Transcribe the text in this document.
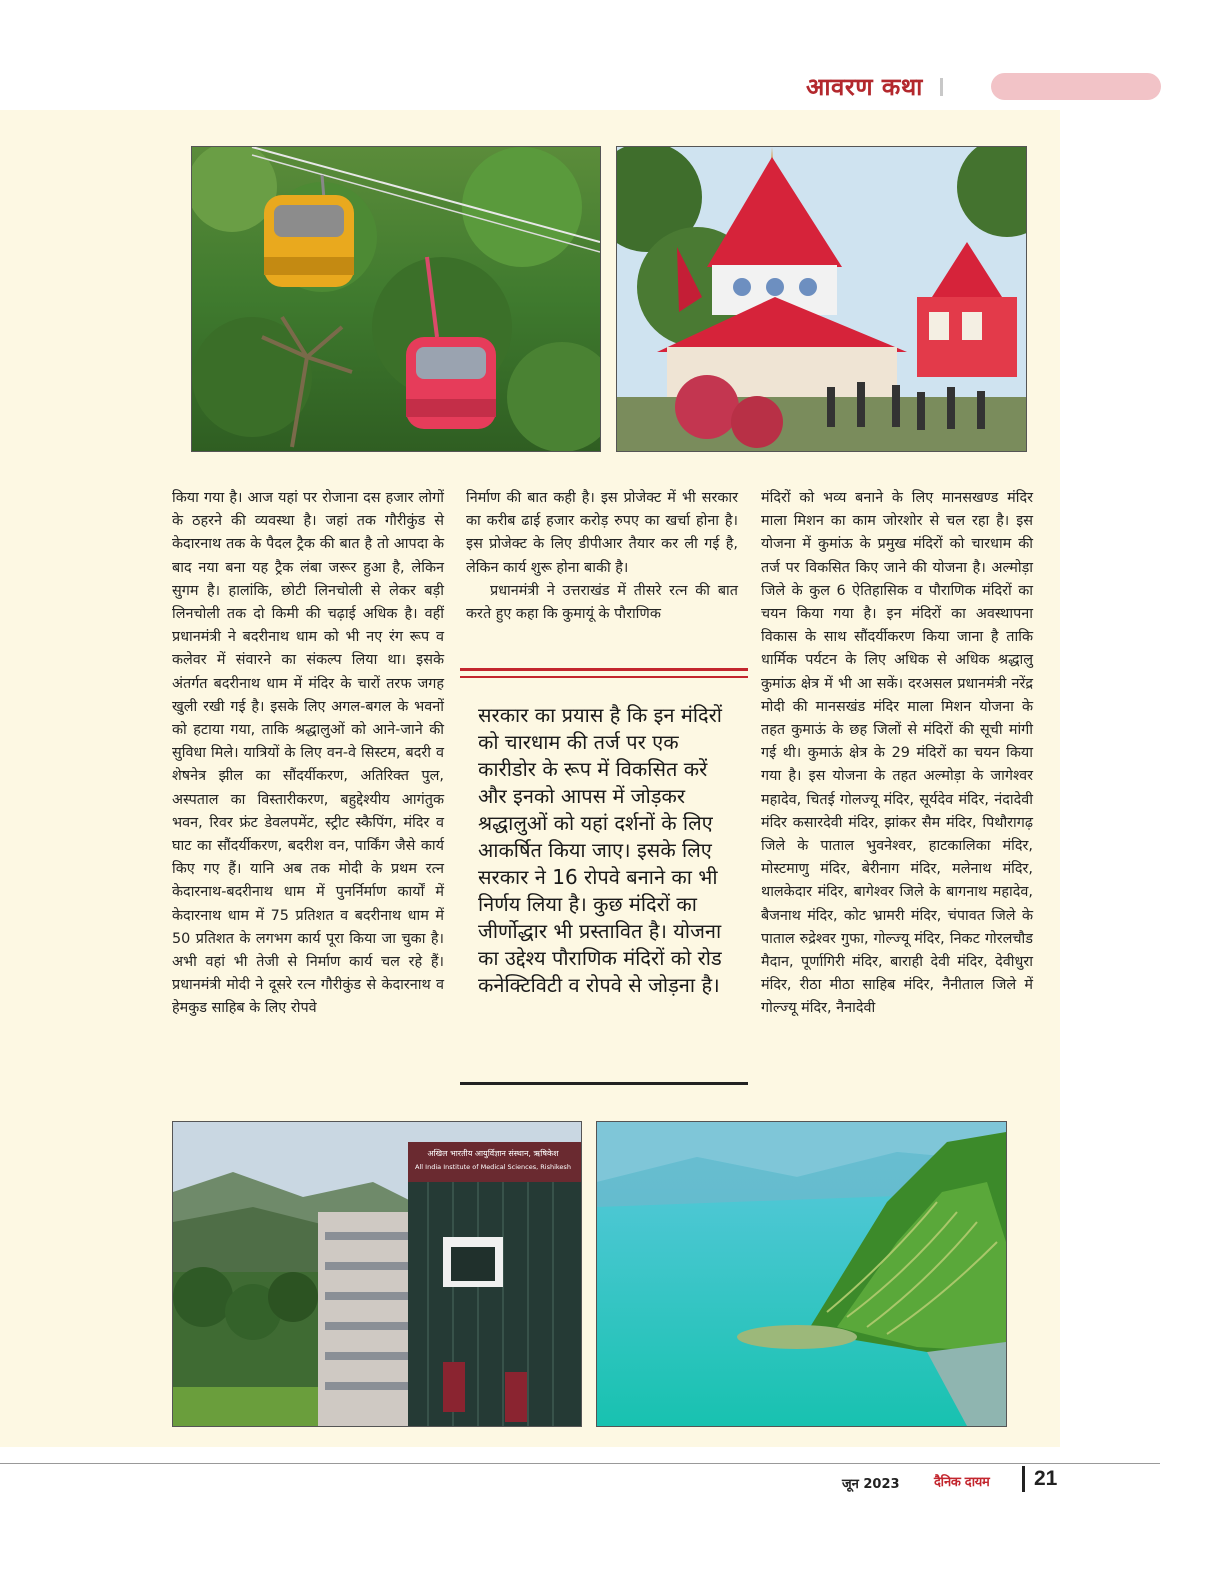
आवरण कथा

किया गया है। आज यहां पर रोजाना दस हजार लोगों के ठहरने की व्यवस्था है। जहां तक गौरीकुंड से केदारनाथ तक के पैदल ट्रैक की बात है तो आपदा के बाद नया बना यह ट्रैक लंबा जरूर हुआ है, लेकिन सुगम है। हालांकि, छोटी लिनचोली से लेकर बड़ी लिनचोली तक दो किमी की चढ़ाई अधिक है। वहीं प्रधानमंत्री ने बदरीनाथ धाम को भी नए रंग रूप व कलेवर में संवारने का संकल्प लिया था। इसके अंतर्गत बदरीनाथ धाम में मंदिर के चारों तरफ जगह खुली रखी गई है। इसके लिए अगल-बगल के भवनों को हटाया गया, ताकि श्रद्धालुओं को आने-जाने की सुविधा मिले। यात्रियों के लिए वन-वे सिस्टम, बदरी व शेषनेत्र झील का सौंदर्यीकरण, अतिरिक्त पुल, अस्पताल का विस्तारीकरण, बहुद्देश्यीय आगंतुक भवन, रिवर फ्रंट डेवलपमेंट, स्ट्रीट स्कैपिंग, मंदिर व घाट का सौंदर्यीकरण, बदरीश वन, पार्किंग जैसे कार्य किए गए हैं। यानि अब तक मोदी के प्रथम रत्न केदारनाथ-बदरीनाथ धाम में पुनर्निर्माण कार्यों में केदारनाथ धाम में 75 प्रतिशत व बदरीनाथ धाम में 50 प्रतिशत के लगभग कार्य पूरा किया जा चुका है। अभी वहां भी तेजी से निर्माण कार्य चल रहे हैं। प्रधानमंत्री मोदी ने दूसरे रत्न गौरीकुंड से केदारनाथ व हेमकुड साहिब के लिए रोपवे

निर्माण की बात कही है। इस प्रोजेक्ट में भी सरकार का करीब ढाई हजार करोड़ रुपए का खर्चा होना है। इस प्रोजेक्ट के लिए डीपीआर तैयार कर ली गई है, लेकिन कार्य शुरू होना बाकी है।

प्रधानमंत्री ने उत्तराखंड में तीसरे रत्न की बात करते हुए कहा कि कुमायूं के पौराणिक

सरकार का प्रयास है कि इन मंदिरों को चारधाम की तर्ज पर एक कारीडोर के रूप में विकसित करें और इनको आपस में जोड़कर श्रद्धालुओं को यहां दर्शनों के लिए आकर्षित किया जाए। इसके लिए सरकार ने 16 रोपवे बनाने का भी निर्णय लिया है। कुछ मंदिरों का जीर्णोद्धार भी प्रस्तावित है। योजना का उद्देश्य पौराणिक मंदिरों को रोड कनेक्टिविटी व रोपवे से जोड़ना है।

मंदिरों को भव्य बनाने के लिए मानसखण्ड मंदिर माला मिशन का काम जोरशोर से चल रहा है। इस योजना में कुमांऊ के प्रमुख मंदिरों को चारधाम की तर्ज पर विकसित किए जाने की योजना है। अल्मोड़ा जिले के कुल 6 ऐतिहासिक व पौराणिक मंदिरों का चयन किया गया है। इन मंदिरों का अवस्थापना विकास के साथ सौंदर्यीकरण किया जाना है ताकि धार्मिक पर्यटन के लिए अधिक से अधिक श्रद्धालु कुमांऊ क्षेत्र में भी आ सकें। दरअसल प्रधानमंत्री नरेंद्र मोदी की मानसखंड मंदिर माला मिशन योजना के तहत कुमाऊं के छह जिलों से मंदिरों की सूची मांगी गई थी। कुमाऊं क्षेत्र के 29 मंदिरों का चयन किया गया है। इस योजना के तहत अल्मोड़ा के जागेश्वर महादेव, चितई गोलज्यू मंदिर, सूर्यदेव मंदिर, नंदादेवी मंदिर कसारदेवी मंदिर, झांकर सैम मंदिर, पिथौरागढ़ जिले के पाताल भुवनेश्वर, हाटकालिका मंदिर, मोस्टमाणु मंदिर, बेरीनाग मंदिर, मलेनाथ मंदिर, थालकेदार मंदिर, बागेश्वर जिले के बागनाथ महादेव, बैजनाथ मंदिर, कोट भ्रामरी मंदिर, चंपावत जिले के पाताल रुद्रेश्वर गुफा, गोल्ज्यू मंदिर, निकट गोरलचौड मैदान, पूर्णागिरी मंदिर, बाराही देवी मंदिर, देवीधुरा मंदिर, रीठा मीठा साहिब मंदिर, नैनीताल जिले में गोल्ज्यू मंदिर, नैनादेवी

अखिल भारतीय आयुर्विज्ञान संस्थान, ऋषिकेश
All India Institute of Medical Sciences, Rishikesh
जून 2023	दैनिक दायम 21
